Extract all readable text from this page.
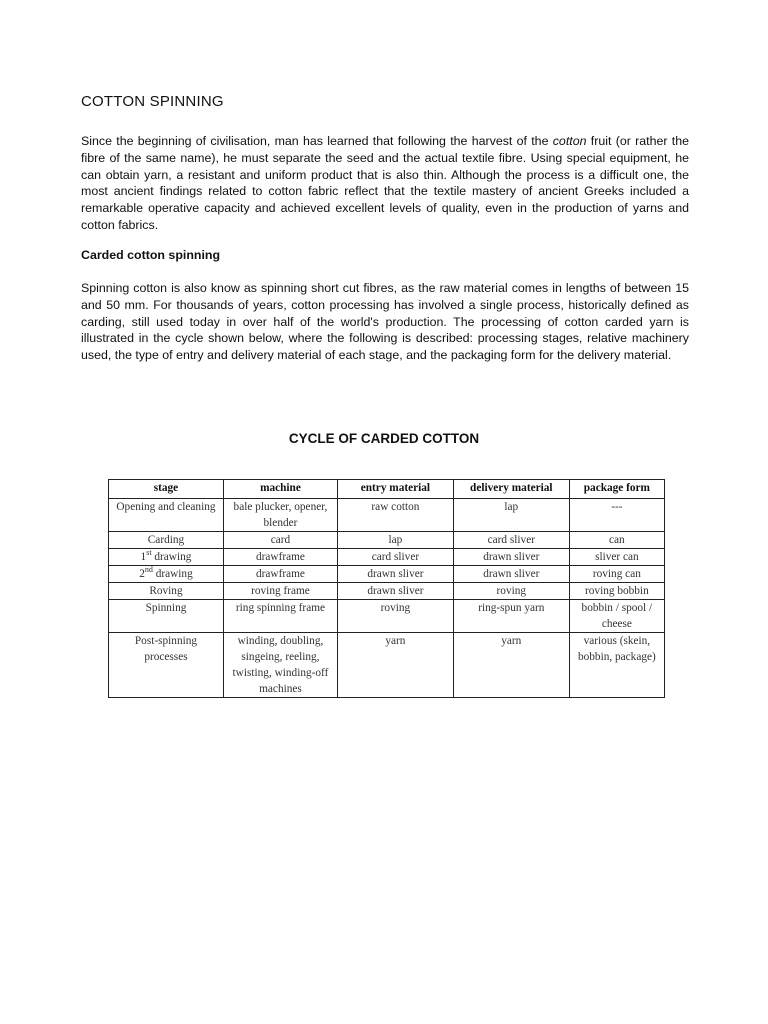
COTTON SPINNING

Since the beginning of civilisation, man has learned that following the harvest of the cotton fruit (or rather the fibre of the same name), he must separate the seed and the actual textile fibre. Using special equipment, he can obtain yarn, a resistant and uniform product that is also thin. Although the process is a difficult one, the most ancient findings related to cotton fabric reflect that the textile mastery of ancient Greeks included a remarkable operative capacity and achieved excellent levels of quality, even in the production of yarns and cotton fabrics.

Carded cotton spinning

Spinning cotton is also know as spinning short cut fibres, as the raw material comes in lengths of between 15 and 50 mm. For thousands of years, cotton processing has involved a single process, historically defined as carding, still used today in over half of the world's production. The processing of cotton carded yarn is illustrated in the cycle shown below, where the following is described: processing stages, relative machinery used, the type of entry and delivery material of each stage, and the packaging form for the delivery material.

CYCLE OF CARDED COTTON
stage	machine	entry material	delivery material	package form
Opening and cleaning	bale plucker, opener, blender	raw cotton	lap	---
Carding	card	lap	card sliver	can
1st drawing	drawframe	card sliver	drawn sliver	sliver can
2nd drawing	drawframe	drawn sliver	drawn sliver	roving can
Roving	roving frame	drawn sliver	roving	roving bobbin
Spinning	ring spinning frame	roving	ring-spun yarn	bobbin / spool / cheese
Post-spinning processes	winding, doubling, singeing, reeling, twisting, winding-off machines	yarn	yarn	various (skein, bobbin, package)
